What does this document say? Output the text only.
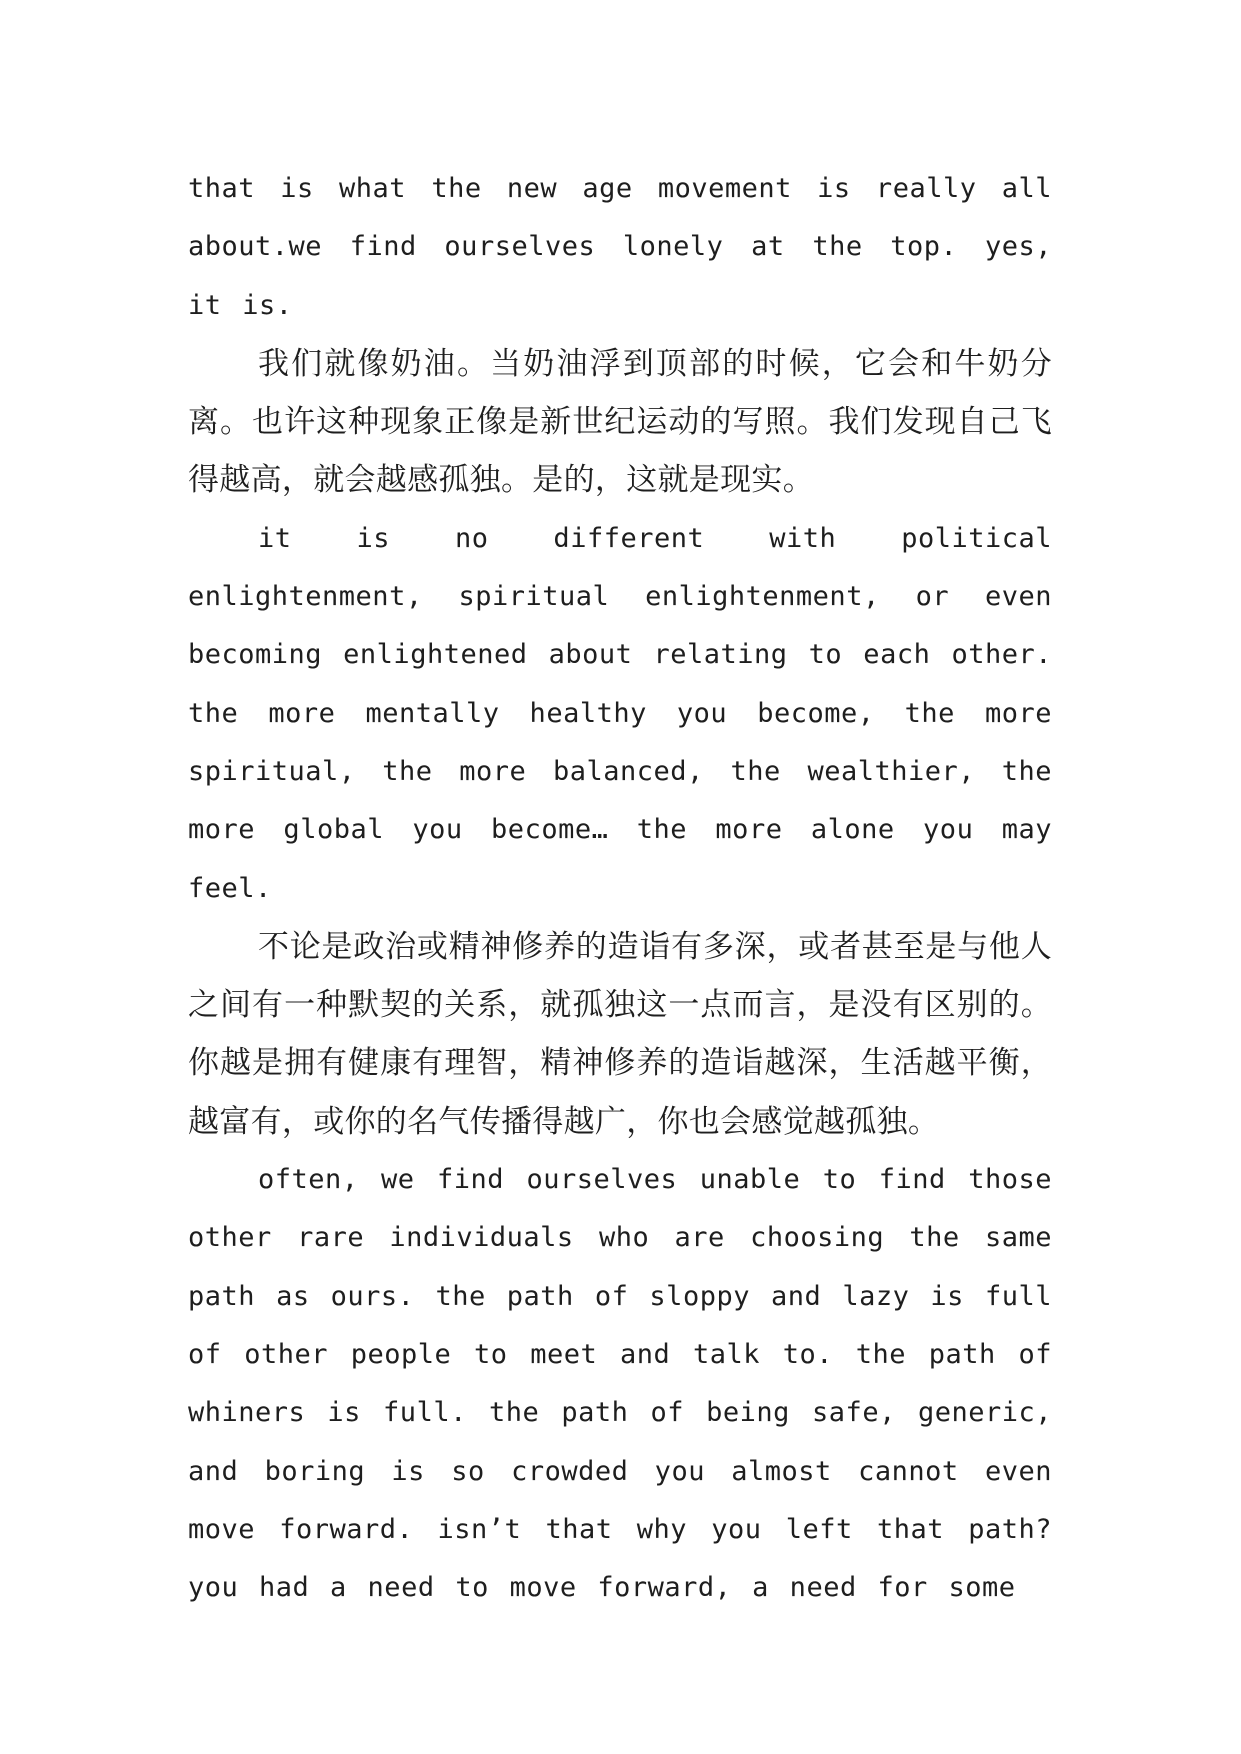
that is what the new age movement is really all about.we find ourselves lonely at the top. yes, it is.

我们就像奶油。当奶油浮到顶部的时候，它会和牛奶分离。也许这种现象正像是新世纪运动的写照。我们发现自己飞得越高，就会越感孤独。是的，这就是现实。

it is no different with political enlightenment, spiritual enlightenment, or even becoming enlightened about relating to each other. the more mentally healthy you become, the more spiritual, the more balanced, the wealthier, the more global you become… the more alone you may feel.

不论是政治或精神修养的造诣有多深，或者甚至是与他人之间有一种默契的关系，就孤独这一点而言，是没有区别的。你越是拥有健康有理智，精神修养的造诣越深，生活越平衡，越富有，或你的名气传播得越广，你也会感觉越孤独。

often, we find ourselves unable to find those other rare individuals who are choosing the same path as ours. the path of sloppy and lazy is full of other people to meet and talk to. the path of whiners is full. the path of being safe, generic, and boring is so crowded you almost cannot even move forward. isn’t that why you left that path? you had a need to move forward, a need for some
